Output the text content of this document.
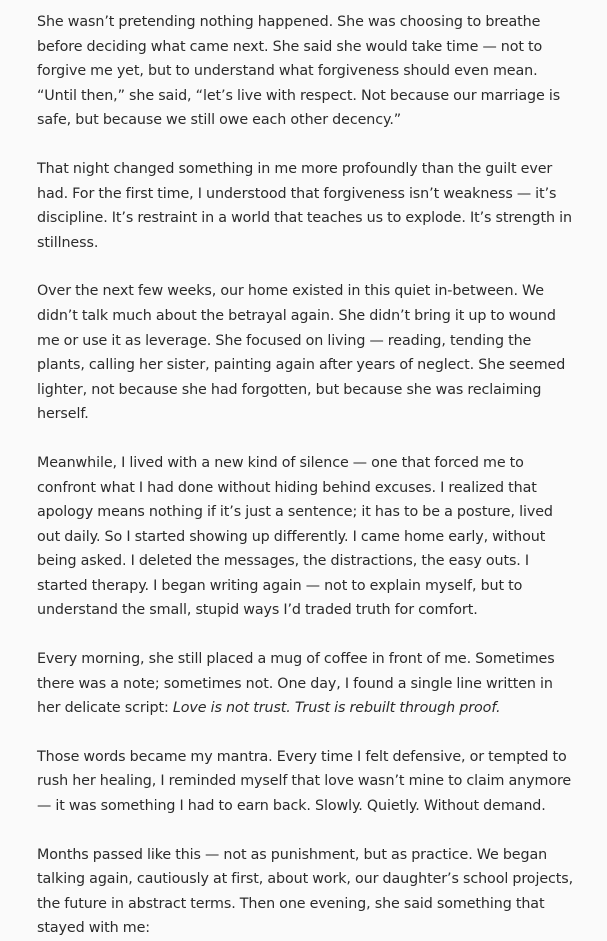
She wasn’t pretending nothing happened. She was choosing to breathe before deciding what came next. She said she would take time — not to forgive me yet, but to understand what forgiveness should even mean. “Until then,” she said, “let’s live with respect. Not because our marriage is safe, but because we still owe each other decency.”

That night changed something in me more profoundly than the guilt ever had. For the first time, I understood that forgiveness isn’t weakness — it’s discipline. It’s restraint in a world that teaches us to explode. It’s strength in stillness.

Over the next few weeks, our home existed in this quiet in-between. We didn’t talk much about the betrayal again. She didn’t bring it up to wound me or use it as leverage. She focused on living — reading, tending the plants, calling her sister, painting again after years of neglect. She seemed lighter, not because she had forgotten, but because she was reclaiming herself.

Meanwhile, I lived with a new kind of silence — one that forced me to confront what I had done without hiding behind excuses. I realized that apology means nothing if it’s just a sentence; it has to be a posture, lived out daily. So I started showing up differently. I came home early, without being asked. I deleted the messages, the distractions, the easy outs. I started therapy. I began writing again — not to explain myself, but to understand the small, stupid ways I’d traded truth for comfort.

Every morning, she still placed a mug of coffee in front of me. Sometimes there was a note; sometimes not. One day, I found a single line written in her delicate script: Love is not trust. Trust is rebuilt through proof.

Those words became my mantra. Every time I felt defensive, or tempted to rush her healing, I reminded myself that love wasn’t mine to claim anymore — it was something I had to earn back. Slowly. Quietly. Without demand.

Months passed like this — not as punishment, but as practice. We began talking again, cautiously at first, about work, our daughter’s school projects, the future in abstract terms. Then one evening, she said something that stayed with me:
